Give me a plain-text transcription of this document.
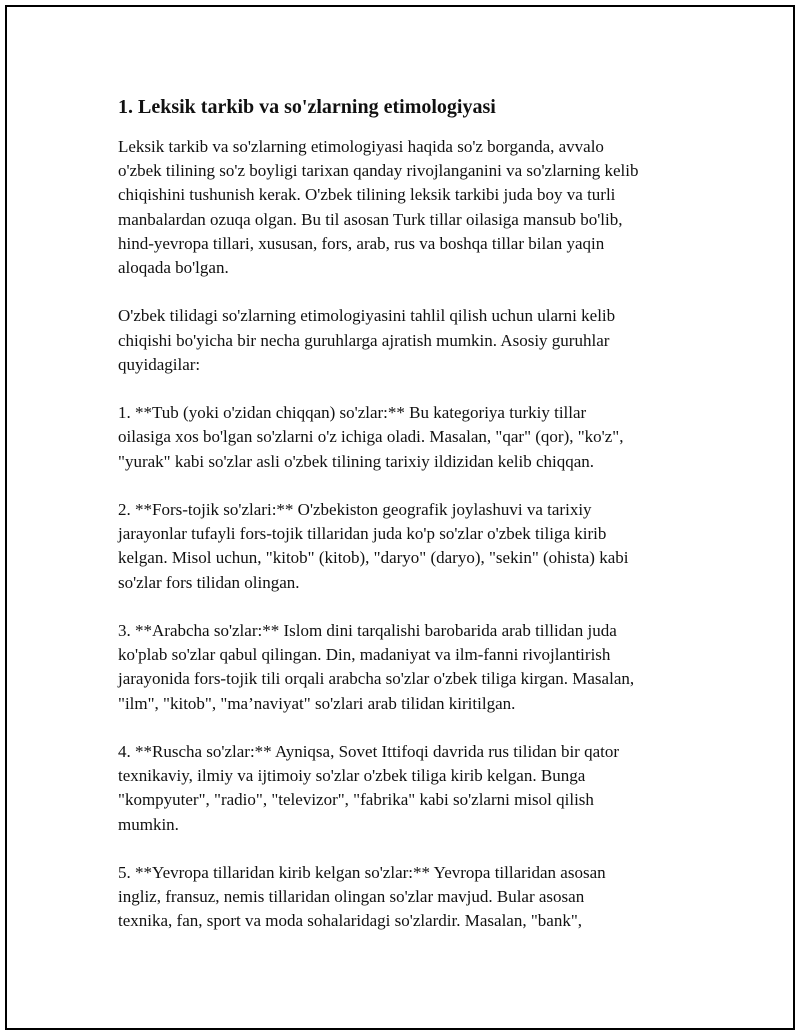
1. Leksik tarkib va so'zlarning etimologiyasi

Leksik tarkib va so'zlarning etimologiyasi haqida so'z borganda, avvalo
o'zbek tilining so'z boyligi tarixan qanday rivojlanganini va so'zlarning kelib
chiqishini tushunish kerak. O'zbek tilining leksik tarkibi juda boy va turli
manbalardan ozuqa olgan. Bu til asosan Turk tillar oilasiga mansub bo'lib,
hind-yevropa tillari, xususan, fors, arab, rus va boshqa tillar bilan yaqin
aloqada bo'lgan.

O'zbek tilidagi so'zlarning etimologiyasini tahlil qilish uchun ularni kelib
chiqishi bo'yicha bir necha guruhlarga ajratish mumkin. Asosiy guruhlar
quyidagilar:

1. **Tub (yoki o'zidan chiqqan) so'zlar:** Bu kategoriya turkiy tillar
oilasiga xos bo'lgan so'zlarni o'z ichiga oladi. Masalan, "qar" (qor), "ko'z",
"yurak" kabi so'zlar asli o'zbek tilining tarixiy ildizidan kelib chiqqan.

2. **Fors-tojik so'zlari:** O'zbekiston geografik joylashuvi va tarixiy
jarayonlar tufayli fors-tojik tillaridan juda ko'p so'zlar o'zbek tiliga kirib
kelgan. Misol uchun, "kitob" (kitob), "daryo" (daryo), "sekin" (ohista) kabi
so'zlar fors tilidan olingan.

3. **Arabcha so'zlar:** Islom dini tarqalishi barobarida arab tillidan juda
ko'plab so'zlar qabul qilingan. Din, madaniyat va ilm-fanni rivojlantirish
jarayonida fors-tojik tili orqali arabcha so'zlar o'zbek tiliga kirgan. Masalan,
"ilm", "kitob", "ma’naviyat" so'zlari arab tilidan kiritilgan.

4. **Ruscha so'zlar:** Ayniqsa, Sovet Ittifoqi davrida rus tilidan bir qator
texnikaviy, ilmiy va ijtimoiy so'zlar o'zbek tiliga kirib kelgan. Bunga
"kompyuter", "radio", "televizor", "fabrika" kabi so'zlarni misol qilish
mumkin.

5. **Yevropa tillaridan kirib kelgan so'zlar:** Yevropa tillaridan asosan
ingliz, fransuz, nemis tillaridan olingan so'zlar mavjud. Bular asosan
texnika, fan, sport va moda sohalaridagi so'zlardir. Masalan, "bank",
